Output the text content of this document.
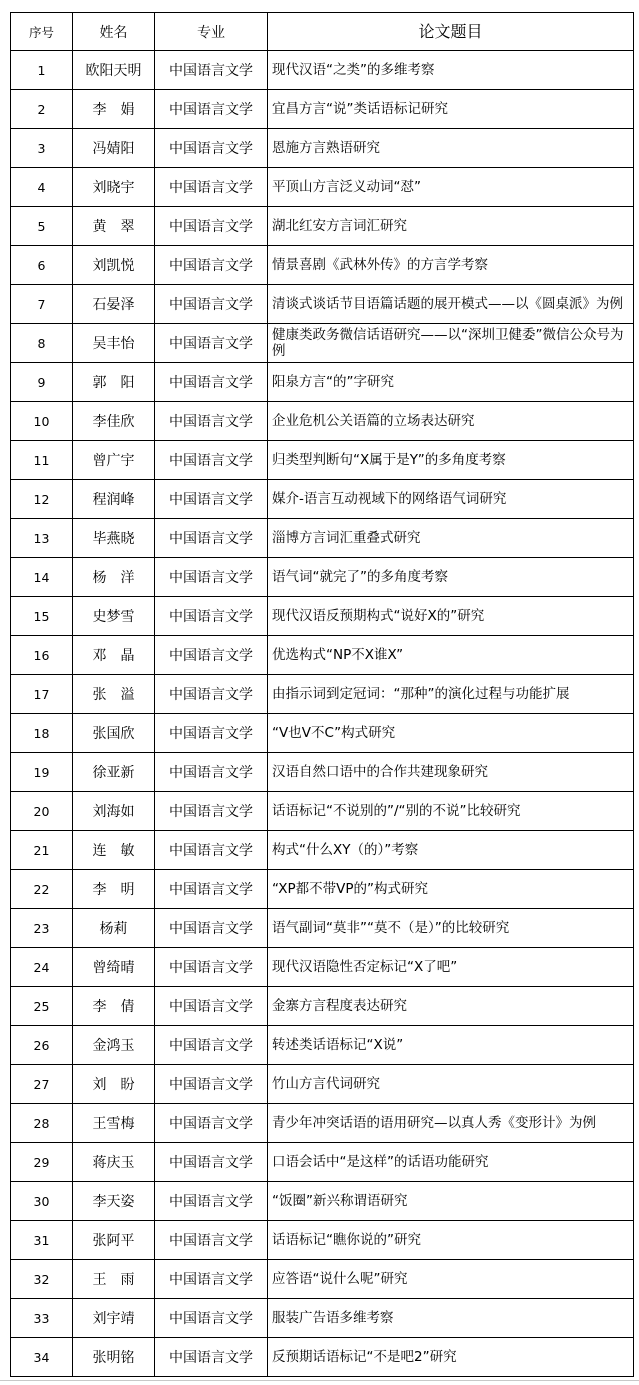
序号	姓名	专业	论文题目
1	欧阳天明	中国语言文学	现代汉语“之类”的多维考察
2	李　娟	中国语言文学	宜昌方言“说”类话语标记研究
3	冯婧阳	中国语言文学	恩施方言熟语研究
4	刘晓宇	中国语言文学	平顶山方言泛义动词“怼”
5	黄　翠	中国语言文学	湖北红安方言词汇研究
6	刘凯悦	中国语言文学	情景喜剧《武林外传》的方言学考察
7	石晏泽	中国语言文学	清谈式谈话节目语篇话题的展开模式——以《圆桌派》为例
8	吴丰怡	中国语言文学	健康类政务微信话语研究——以“深圳卫健委”微信公众号为例
9	郭　阳	中国语言文学	阳泉方言“的”字研究
10	李佳欣	中国语言文学	企业危机公关语篇的立场表达研究
11	曾广宇	中国语言文学	归类型判断句“X属于是Y”的多角度考察
12	程润峰	中国语言文学	媒介-语言互动视域下的网络语气词研究
13	毕燕晓	中国语言文学	淄博方言词汇重叠式研究
14	杨　洋	中国语言文学	语气词“就完了”的多角度考察
15	史梦雪	中国语言文学	现代汉语反预期构式“说好X的”研究
16	邓　晶	中国语言文学	优选构式“NP不X谁X”
17	张　溢	中国语言文学	由指示词到定冠词：“那种”的演化过程与功能扩展
18	张国欣	中国语言文学	“V也V不C”构式研究
19	徐亚新	中国语言文学	汉语自然口语中的合作共建现象研究
20	刘海如	中国语言文学	话语标记“不说别的”/“别的不说”比较研究
21	连　敏	中国语言文学	构式“什么XY（的）”考察
22	李　明	中国语言文学	“XP都不带VP的”构式研究
23	杨莉	中国语言文学	语气副词“莫非”“莫不（是）”的比较研究
24	曾绮晴	中国语言文学	现代汉语隐性否定标记“X了吧”
25	李　倩	中国语言文学	金寨方言程度表达研究
26	金鸿玉	中国语言文学	转述类话语标记“X说”
27	刘　盼	中国语言文学	竹山方言代词研究
28	王雪梅	中国语言文学	青少年冲突话语的语用研究—以真人秀《变形计》为例
29	蒋庆玉	中国语言文学	口语会话中“是这样”的话语功能研究
30	李天姿	中国语言文学	“饭圈”新兴称谓语研究
31	张阿平	中国语言文学	话语标记“瞧你说的”研究
32	王　雨	中国语言文学	应答语“说什么呢”研究
33	刘宇靖	中国语言文学	服装广告语多维考察
34	张明铭	中国语言文学	反预期话语标记“不是吧2”研究
